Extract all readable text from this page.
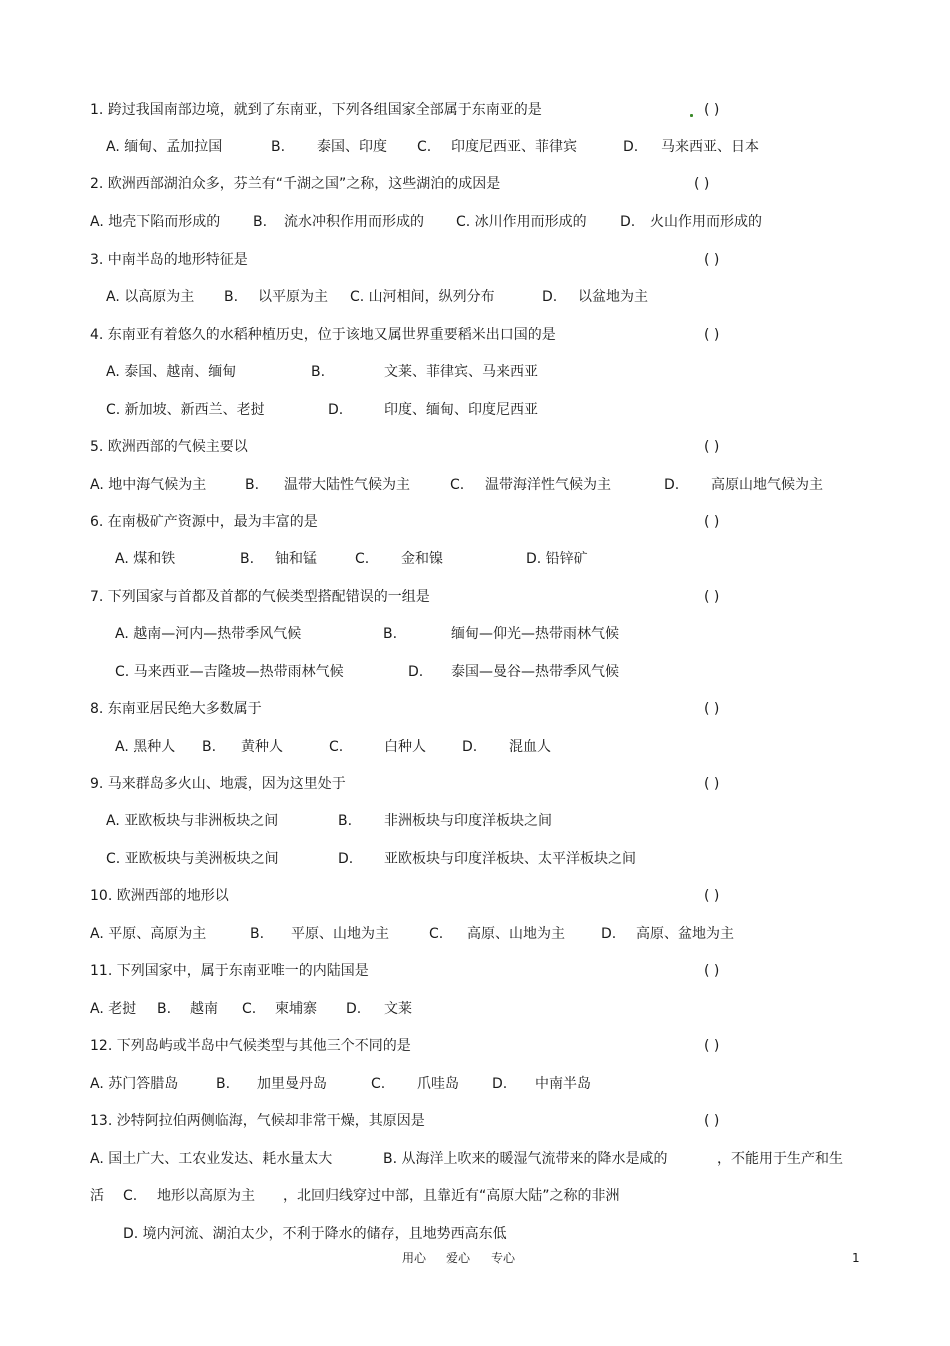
1. 跨过我国南部边境，就到了东南亚，下列各组国家全部属于东南亚的是	( )
A. 缅甸、孟加拉国	B. 泰国、印度 C. 印度尼西亚、菲律宾	D. 马来西亚、日本
2. 欧洲西部湖泊众多，芬兰有“千湖之国”之称，这些湖泊的成因是	( )
A. 地壳下陷而形成的 B. 流水冲积作用而形成的 C. 冰川作用而形成的 D. 火山作用而形成的
3. 中南半岛的地形特征是	( )
A. 以高原为主 B. 以平原为主 C. 山河相间，纵列分布	D. 以盆地为主
4. 东南亚有着悠久的水稻种植历史，位于该地又属世界重要稻米出口国的是	( )
A. 泰国、越南、缅甸	B.	文莱、菲律宾、马来西亚
C. 新加坡、新西兰、老挝	D.	印度、缅甸、印度尼西亚
5. 欧洲西部的气候主要以	( )
A. 地中海气候为主	B. 温带大陆性气候为主	C. 温带海洋性气候为主	D. 高原山地气候为主
6. 在南极矿产资源中，最为丰富的是	( )
A. 煤和铁	B. 铀和锰	C. 金和镍	D. 铅锌矿
7. 下列国家与首都及首都的气候类型搭配错误的一组是	( )
A. 越南—河内—热带季风气候	B.	缅甸—仰光—热带雨林气候
C. 马来西亚—吉隆坡—热带雨林气候	D. 泰国—曼谷—热带季风气候
8. 东南亚居民绝大多数属于	( )
A. 黑种人 B. 黄种人	C.	白种人	D. 混血人
9. 马来群岛多火山、地震，因为这里处于	( )
A. 亚欧板块与非洲板块之间	B. 非洲板块与印度洋板块之间
C. 亚欧板块与美洲板块之间	D. 亚欧板块与印度洋板块、太平洋板块之间
10. 欧洲西部的地形以	( )
A. 平原、高原为主	B. 平原、山地为主	C. 高原、山地为主	D. 高原、盆地为主
11. 下列国家中，属于东南亚唯一的内陆国是	( )
A. 老挝 B. 越南 C. 柬埔寨 D. 文莱
12. 下列岛屿或半岛中气候类型与其他三个不同的是	( )
A. 苏门答腊岛	B. 加里曼丹岛	C. 爪哇岛 D. 中南半岛
13. 沙特阿拉伯两侧临海，气候却非常干燥，其原因是	( )
A. 国土广大、工农业发达、耗水量太大	B. 从海洋上吹来的暖湿气流带来的降水是咸的	，不能用于生产和生
活 C. 地形以高原为主 ，北回归线穿过中部，且靠近有“高原大陆”之称的非洲
D. 境内河流、湖泊太少，不利于降水的储存，且地势西高东低
用心 爱心 专心	1
